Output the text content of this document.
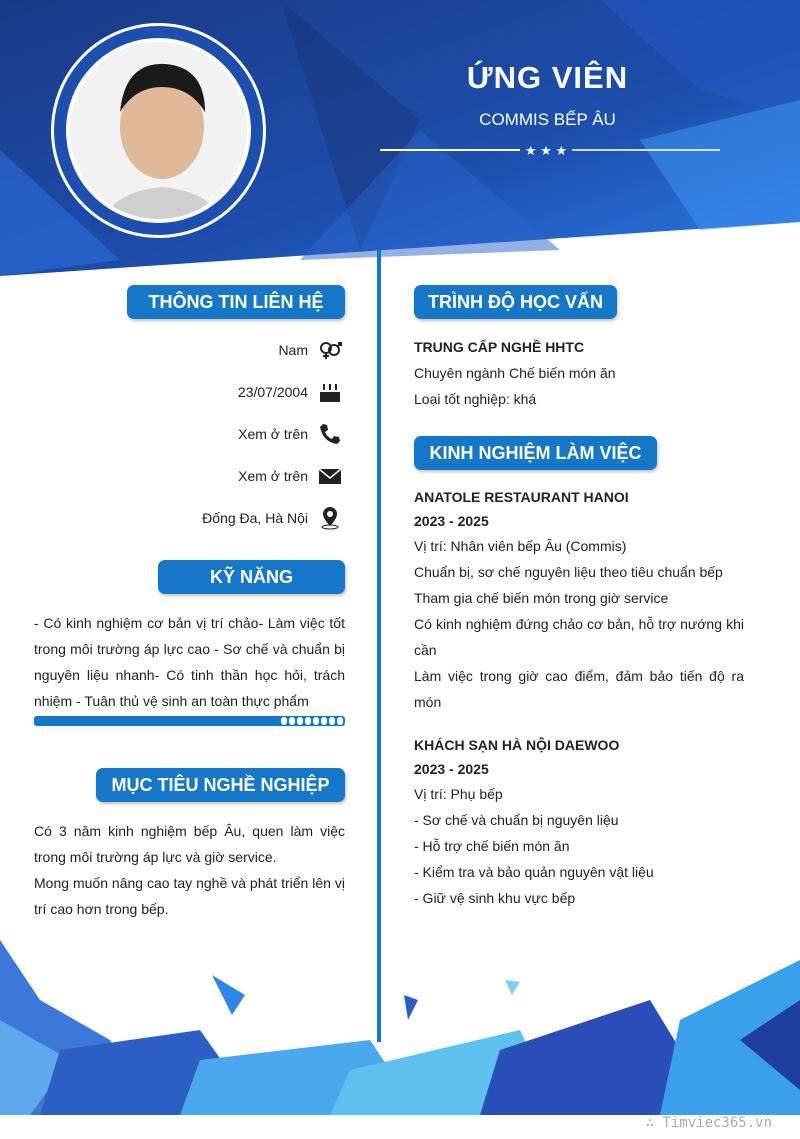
ỨNG VIÊN
COMMIS BẾP ÂU
★ ★ ★
THÔNG TIN LIÊN HỆ
Nam
23/07/2004
Xem ở trên
Xem ở trên
Đống Đa, Hà Nội
KỸ NĂNG
- Có kinh nghiệm cơ bản vị trí chảo- Làm việc tốt trong môi trường áp lực cao - Sơ chế và chuẩn bị nguyên liệu nhanh- Có tinh thần học hỏi, trách nhiệm - Tuân thủ vệ sinh an toàn thực phẩm
MỤC TIÊU NGHỀ NGHIỆP
Có 3 năm kinh nghiệm bếp Âu, quen làm việc trong môi trường áp lực và giờ service.
Mong muốn nâng cao tay nghề và phát triển lên vị trí cao hơn trong bếp.
TRÌNH ĐỘ HỌC VẤN
TRUNG CẤP NGHỀ HHTC
Chuyên ngành Chế biến món ăn
Loại tốt nghiệp: khá
KINH NGHIỆM LÀM VIỆC
ANATOLE RESTAURANT HANOI
2023 - 2025
Vị trí: Nhân viên bếp Âu (Commis)
Chuẩn bị, sơ chế nguyên liệu theo tiêu chuẩn bếp
Tham gia chế biến món trong giờ service
Có kinh nghiệm đứng chảo cơ bản, hỗ trợ nướng khi cần
Làm việc trong giờ cao điểm, đảm bảo tiến độ ra món
KHÁCH SẠN HÀ NỘI DAEWOO
2023 - 2025
Vị trí: Phụ bếp
- Sơ chế và chuẩn bị nguyên liệu
- Hỗ trợ chế biến món ăn
- Kiểm tra và bảo quản nguyên vật liệu
- Giữ vệ sinh khu vực bếp
∴ Timviec365.vn
